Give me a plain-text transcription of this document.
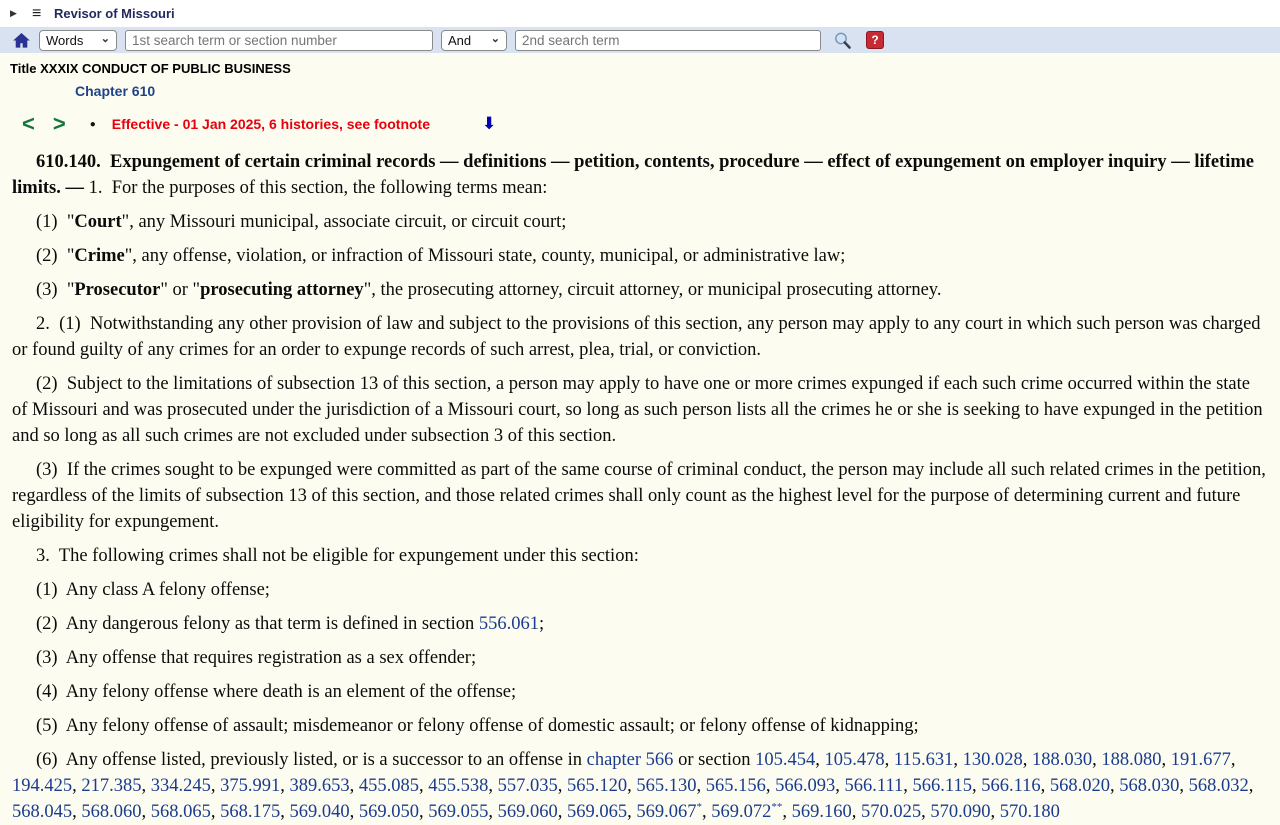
▶ ≡ Revisor of Missouri
Words ⌄
1st search term or section number	And ⌄
2nd search term	?
Title XXXIX CONDUCT OF PUBLIC BUSINESS
Chapter 610
< > ● Effective - 01 Jan 2025, 6 histories, see footnote	⬇

610.140.  Expungement of certain criminal records — definitions — petition, contents, procedure — effect of expungement on employer inquiry — lifetime limits. — 1.  For the purposes of this section, the following terms mean:

(1)  "Court", any Missouri municipal, associate circuit, or circuit court;

(2)  "Crime", any offense, violation, or infraction of Missouri state, county, municipal, or administrative law;

(3)  "Prosecutor" or "prosecuting attorney", the prosecuting attorney, circuit attorney, or municipal prosecuting attorney.

2.  (1)  Notwithstanding any other provision of law and subject to the provisions of this section, any person may apply to any court in which such person was charged or found guilty of any crimes for an order to expunge records of such arrest, plea, trial, or conviction.

(2)  Subject to the limitations of subsection 13 of this section, a person may apply to have one or more crimes expunged if each such crime occurred within the state of Missouri and was prosecuted under the jurisdiction of a Missouri court, so long as such person lists all the crimes he or she is seeking to have expunged in the petition and so long as all such crimes are not excluded under subsection 3 of this section.

(3)  If the crimes sought to be expunged were committed as part of the same course of criminal conduct, the person may include all such related crimes in the petition, regardless of the limits of subsection 13 of this section, and those related crimes shall only count as the highest level for the purpose of determining current and future eligibility for expungement.

3.  The following crimes shall not be eligible for expungement under this section:

(1)  Any class A felony offense;

(2)  Any dangerous felony as that term is defined in section 556.061;

(3)  Any offense that requires registration as a sex offender;

(4)  Any felony offense where death is an element of the offense;

(5)  Any felony offense of assault; misdemeanor or felony offense of domestic assault; or felony offense of kidnapping;

(6)  Any offense listed, previously listed, or is a successor to an offense in chapter 566 or section 105.454, 105.478, 115.631, 130.028, 188.030, 188.080, 191.677, 194.425, 217.385, 334.245, 375.991, 389.653, 455.085, 455.538, 557.035, 565.120, 565.130, 565.156, 566.093, 566.111, 566.115, 566.116, 568.020, 568.030, 568.032, 568.045, 568.060, 568.065, 568.175, 569.040, 569.050, 569.055, 569.060, 569.065, 569.067*, 569.072**, 569.160, 570.025, 570.090, 570.180
